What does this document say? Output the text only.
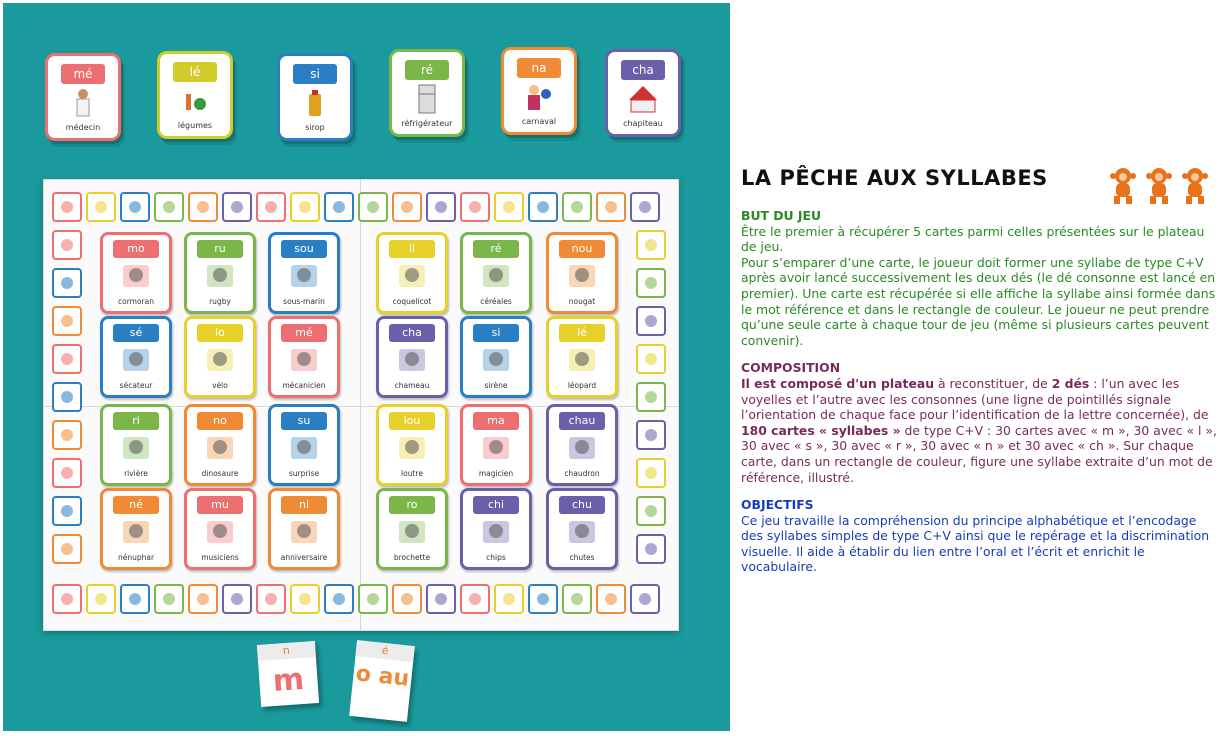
mé
médecin
lé
légumes
si
sirop
ré
réfrigérateur
na
carnaval
cha
chapiteau
mo
cormoran
ru
rugby
sou
sous-marin
li
coquelicot
ré
céréales
nou
nougat
sé
sécateur
lo
vélo
mé
mécanicien
cha
chameau
si
sirène
lé
léopard
ri
rivière
no
dinosaure
su
surprise
lou
loutre
ma
magicien
chau
chaudron
né
nénuphar
mu
musiciens
ni
anniversaire
ro
brochette
chi
chips
chu
chutes
n
m
é
o au
LA PÊCHE AUX SYLLABES
BUT DU JEU
Être le premier à récupérer 5 cartes parmi celles présentées sur le plateau de jeu.
Pour s’emparer d’une carte, le joueur doit former une syllabe de type C+V après avoir lancé successivement les deux dés (le dé consonne est lancé en premier). Une carte est récupérée si elle affiche la syllabe ainsi formée dans le mot référence et dans le rectangle de couleur. Le joueur ne peut prendre qu’une seule carte à chaque tour de jeu (même si plusieurs cartes peuvent convenir).
COMPOSITION
Il est composé d'un plateau à reconstituer, de 2 dés : l’un avec les voyelles et l’autre avec les consonnes (une ligne de pointillés signale l’orientation de chaque face pour l’identification de la lettre concernée), de 180 cartes « syllabes » de type C+V : 30 cartes avec « m », 30 avec « l », 30 avec « s », 30 avec « r », 30 avec « n » et 30 avec « ch ». Sur chaque carte, dans un rectangle de couleur, figure une syllabe extraite d’un mot de référence, illustré.
OBJECTIFS
Ce jeu travaille la compréhension du principe alphabétique et l’encodage des syllabes simples de type C+V ainsi que le repérage et la discrimination visuelle. Il aide à établir du lien entre l’oral et l’écrit et enrichit le vocabulaire.
